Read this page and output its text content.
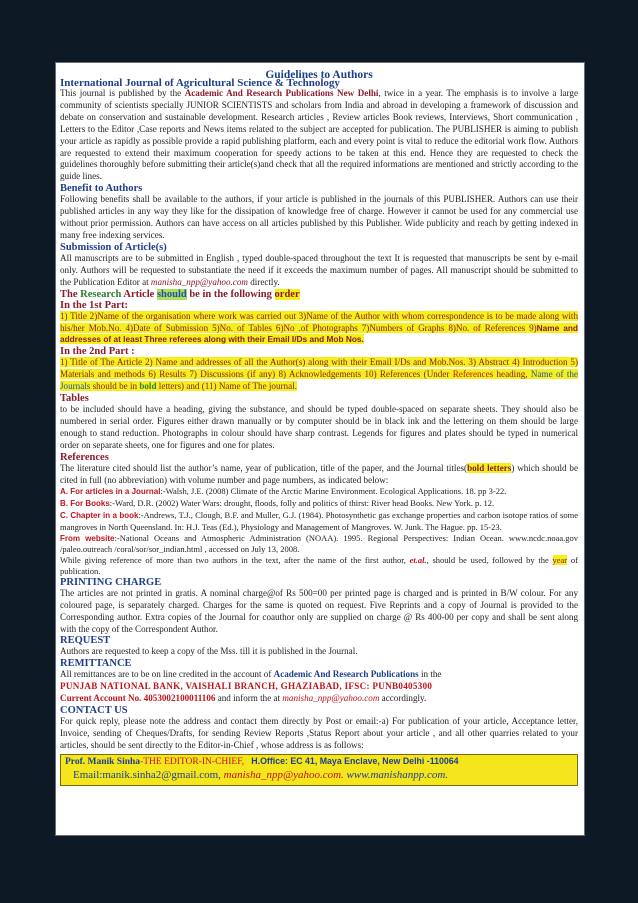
Guidelines to Authors
International Journal of Agricultural Science & Technology
This journal is published by the Academic And Research Publications New Delhi, twice in a year. The emphasis is to involve a large community of scientists specially JUNIOR SCIENTISTS and scholars from India and abroad in developing a framework of discussion and debate on conservation and sustainable development. Research articles , Review articles Book reviews, Interviews, Short communication , Letters to the Editor ,Case reports and News items related to the subject are accepted for publication. The PUBLISHER is aiming to publish your article as rapidly as possible provide a rapid publishing platform, each and every point is vital to reduce the editorial work flow. Authors are requested to extend their maximum cooperation for speedy actions to be taken at this end. Hence they are requested to check the guidelines thoroughly before submitting their article(s)and check that all the required informations are mentioned and strictly according to the guide lines.
Benefit to Authors
Following benefits shall be available to the authors, if your article is published in the journals of this PUBLISHER. Authors can use their published articles in any way they like for the dissipation of knowledge free of charge. However it cannot be used for any commercial use without prior permission. Authors can have access on all articles published by this Publisher. Wide publicity and reach by getting indexed in many free indexing services.
Submission of Article(s)
All manuscripts are to be submitted in English , typed double-spaced throughout the text It is requested that manuscripts be sent by e-mail only. Authors will be requested to substantiate the need if it exceeds the maximum number of pages. All manuscript should be submitted to the Publication Editor at manisha_npp@yahoo.com directly.
The Research Article should be in the following order
In the 1st Part:
1) Title 2)Name of the organisation where work was carried out 3)Name of the Author with whom correspondence is to be made along with his/her Mob.No. 4)Date of Submission 5)No. of Tables 6)No .of Photographs 7)Numbers of Graphs 8)No. of References 9)Name and addresses of at least Three referees along with their Email I/Ds and Mob Nos.
In the 2nd Part :
1) Title of The Article 2) Name and addresses of all the Author(s) along with their Email I/Ds and Mob.Nos. 3) Abstract 4) Introduction 5) Materials and methods 6) Results 7) Discussions (if any) 8) Acknowledgements 10) References (Under References heading, Name of the Journals should be in bold letters) and (11) Name of The journal.
Tables
to be included should have a heading, giving the substance, and should be typed double-spaced on separate sheets. They should also be numbered in serial order. Figures either drawn manually or by computer should be in black ink and the lettering on them should be large enough to stand reduction. Photographs in colour should have sharp contrast. Legends for figures and plates should be typed in numerical order on separate sheets, one for figures and one for plates.
References
The literature cited should list the author’s name, year of publication, title of the paper, and the Journal titles(bold letters) which should be cited in full (no abbreviation) with volume number and page numbers, as indicated below:
A. For articles in a Journal:-Walsh, J.E. (2008) Climate of the Arctic Marine Environment. Ecological Applications. 18. pp 3-22.
B. For Books:-Ward, D.R. (2002) Water Wars: drought, floods, folly and politics of thirst: River head Books. New York. p. 12.
C. Chapter in a book:-Andrews, T.J., Clough, B.F. and Muller, G.J. (1984). Photosynthetic gas exchange properties and carbon isotope ratios of some mangroves in North Queensland. In: H.J. Teas (Ed.), Physiology and Management of Mangroves. W. Junk. The Hague. pp. 15-23.
From website:-National Oceans and Atmospheric Administration (NOAA). 1995. Regional Perspectives: Indian Ocean. www.ncdc.noaa.gov /paleo.outreach /coral/sor/sor_indian.html , accessed on July 13, 2008.
While giving reference of more than two authors in the text, after the name of the first author, et.al., should be used, followed by the year of publication.
PRINTING CHARGE
The articles are not printed in gratis. A nominal charge@of Rs 500=00 per printed page is charged and is printed in B/W colour. For any coloured page, is separately charged. Charges for the same is quoted on request. Five Reprints and a copy of Journal is provided to the Corresponding author. Extra copies of the Journal for coauthor only are supplied on charge @ Rs 400-00 per copy and shall be sent along with the copy of the Correspondent Author.
REQUEST
Authors are requested to keep a copy of the Mss. till it is published in the Journal.
REMITTANCE
All remittances are to be on line credited in the account of Academic And Research Publications in the
PUNJAB NATIONAL BANK, VAISHALI BRANCH, GHAZIABAD, IFSC: PUNB0405300
Current Account No. 4053002100011106 and inform the at manisha_npp@yahoo.com accordingly.
CONTACT US
For quick reply, please note the address and contact them directly by Post or email:-a) For publication of your article, Acceptance letter, Invoice, sending of Cheques/Drafts, for sending Review Reports ,Status Report about your article , and all other quarries related to your articles, should be sent directly to the Editor-in-Chief , whose address is as follows:
Prof. Manik Sinha-THE EDITOR-IN-CHIEF, H.Office: EC 41, Maya Enclave, New Delhi -110064
Email:manik.sinha2@gmail.com, manisha_npp@yahoo.com. www.manishanpp.com.
